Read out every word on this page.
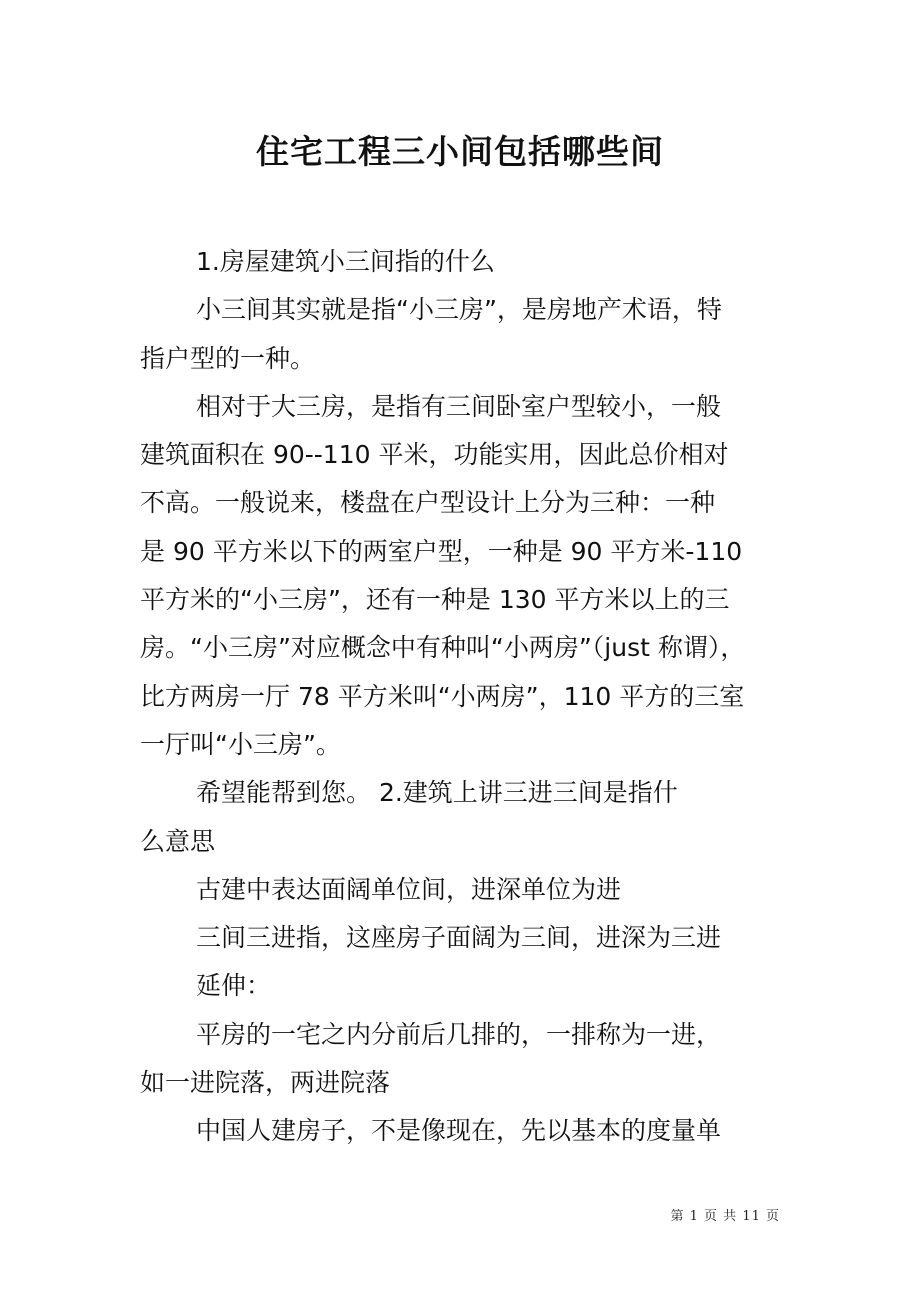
住宅工程三小间包括哪些间
1.房屋建筑小三间指的什么
小三间其实就是指“小三房”，是房地产术语，特
指户型的一种。
相对于大三房，是指有三间卧室户型较小，一般
建筑面积在 90--110 平米，功能实用，因此总价相对
不高。一般说来，楼盘在户型设计上分为三种：一种
是 90 平方米以下的两室户型，一种是 90 平方米-110
平方米的“小三房”，还有一种是 130 平方米以上的三
房。“小三房”对应概念中有种叫“小两房”（just 称谓），
比方两房一厅 78 平方米叫“小两房”，110 平方的三室
一厅叫“小三房”。
希望能帮到您。 2.建筑上讲三进三间是指什
么意思
古建中表达面阔单位间，进深单位为进
三间三进指，这座房子面阔为三间，进深为三进
延伸：
平房的一宅之内分前后几排的，一排称为一进，
如一进院落，两进院落
中国人建房子，不是像现在，先以基本的度量单
第 1 页 共 11 页
